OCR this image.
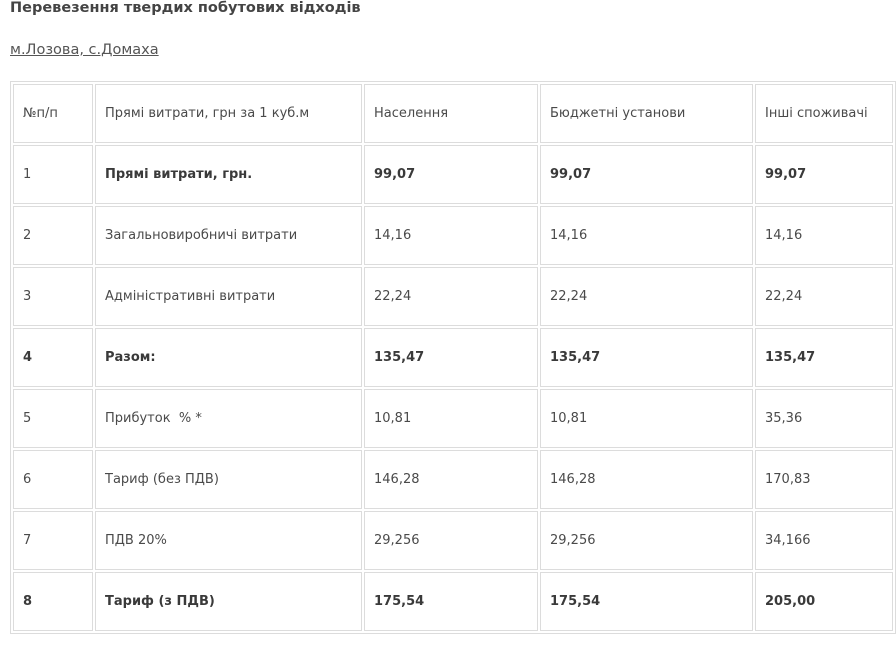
Перевезення твердих побутових відходів
м.Лозова, с.Домаха
№п/п	Прямі витрати, грн за 1 куб.м	Населення	Бюджетні установи	Інші споживачі
1	Прямі витрати, грн.	99,07	99,07	99,07
2	Загальновиробничі витрати	14,16	14,16	14,16
3	Адміністративні витрати	22,24	22,24	22,24
4	Разом:	135,47	135,47	135,47
5	Прибуток  % *	10,81	10,81	35,36
6	Тариф (без ПДВ)	146,28	146,28	170,83
7	ПДВ 20%	29,256	29,256	34,166
8	Тариф (з ПДВ)	175,54	175,54	205,00
